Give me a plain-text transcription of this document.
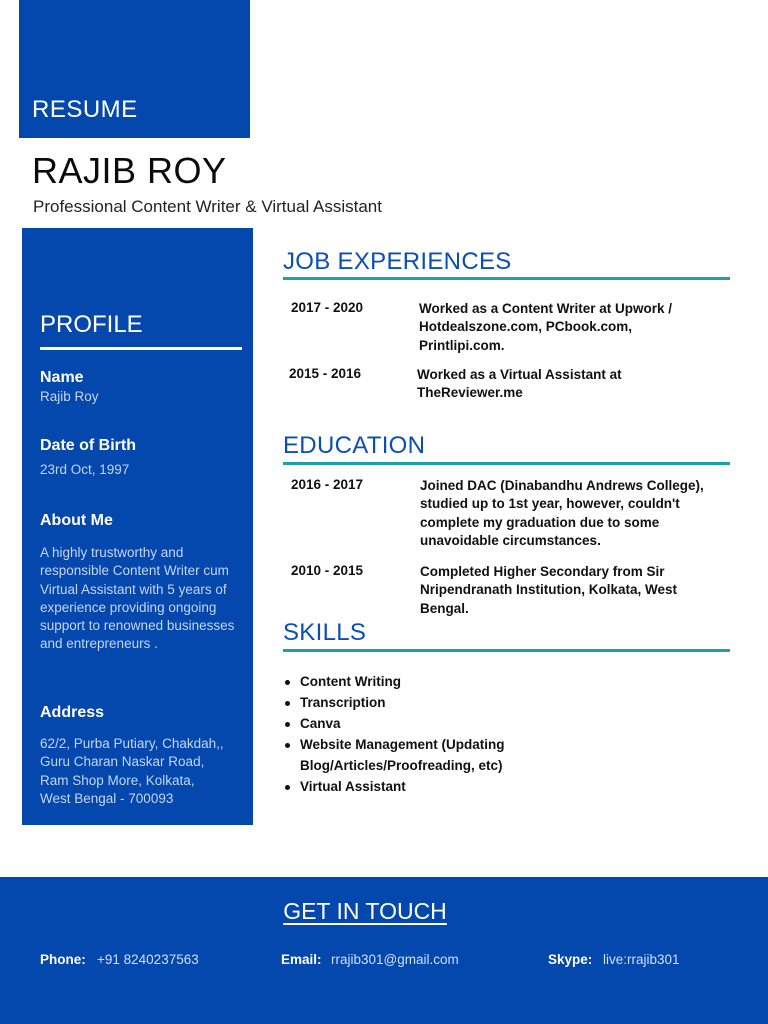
RESUME
RAJIB ROY
Professional Content Writer & Virtual Assistant
PROFILE
Name
Rajib Roy
Date of Birth
23rd Oct, 1997
About Me
A highly trustworthy and responsible Content Writer cum Virtual Assistant with 5 years of experience providing ongoing support to renowned businesses and entrepreneurs .
Address
62/2, Purba Putiary, Chakdah,,
Guru Charan Naskar Road,
Ram Shop More, Kolkata,
West Bengal - 700093
JOB EXPERIENCES
2017 - 2020	Worked as a Content Writer at Upwork /
Hotdealszone.com, PCbook.com,
Printlipi.com.
2015 - 2016	Worked as a Virtual Assistant at
TheReviewer.me
EDUCATION
2016 - 2017	Joined DAC (Dinabandhu Andrews College),
studied up to 1st year, however, couldn't
complete my graduation due to some
unavoidable circumstances.
2010 - 2015	Completed Higher Secondary from Sir
Nripendranath Institution, Kolkata, West
Bengal.
SKILLS
Content Writing
Transcription
Canva
Website Management (Updating
Blog/Articles/Proofreading, etc)
Virtual Assistant
GET IN TOUCH
Phone: +91 8240237563	Email: rrajib301@gmail.com	Skype: live:rrajib301
